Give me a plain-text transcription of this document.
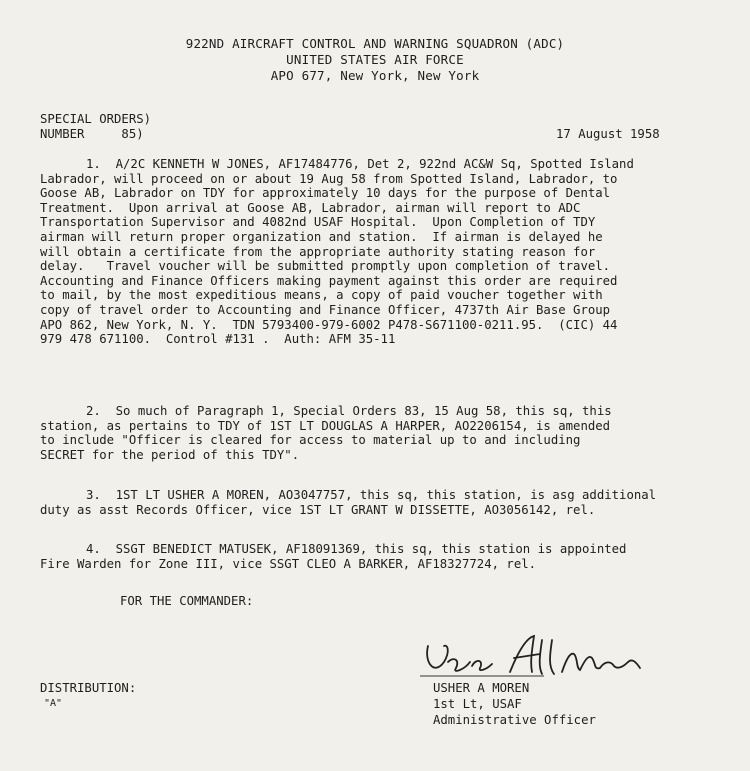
922ND AIRCRAFT CONTROL AND WARNING SQUADRON (ADC)
UNITED STATES AIR FORCE
APO 677, New York, New York
SPECIAL ORDERS)
NUMBER     85)	17 August 1958
1.  A/2C KENNETH W JONES, AF17484776, Det 2, 922nd AC&W Sq, Spotted Island
Labrador, will proceed on or about 19 Aug 58 from Spotted Island, Labrador, to
Goose AB, Labrador on TDY for approximately 10 days for the purpose of Dental
Treatment.  Upon arrival at Goose AB, Labrador, airman will report to ADC
Transportation Supervisor and 4082nd USAF Hospital.  Upon Completion of TDY
airman will return proper organization and station.  If airman is delayed he
will obtain a certificate from the appropriate authority stating reason for
delay.   Travel voucher will be submitted promptly upon completion of travel.
Accounting and Finance Officers making payment against this order are required
to mail, by the most expeditious means, a copy of paid voucher together with
copy of travel order to Accounting and Finance Officer, 4737th Air Base Group
APO 862, New York, N. Y.  TDN 5793400-979-6002 P478-S671100-0211.95.  (CIC) 44
979 478 671100.  Control #131 .  Auth: AFM 35-11
2.  So much of Paragraph 1, Special Orders 83, 15 Aug 58, this sq, this
station, as pertains to TDY of 1ST LT DOUGLAS A HARPER, AO2206154, is amended
to include "Officer is cleared for access to material up to and including
SECRET for the period of this TDY".
3.  1ST LT USHER A MOREN, AO3047757, this sq, this station, is asg additional
duty as asst Records Officer, vice 1ST LT GRANT W DISSETTE, AO3056142, rel.
4.  SSGT BENEDICT MATUSEK, AF18091369, this sq, this station is appointed
Fire Warden for Zone III, vice SSGT CLEO A BARKER, AF18327724, rel.
FOR THE COMMANDER:
DISTRIBUTION:
"A"
USHER A MOREN
1st Lt, USAF
Administrative Officer
